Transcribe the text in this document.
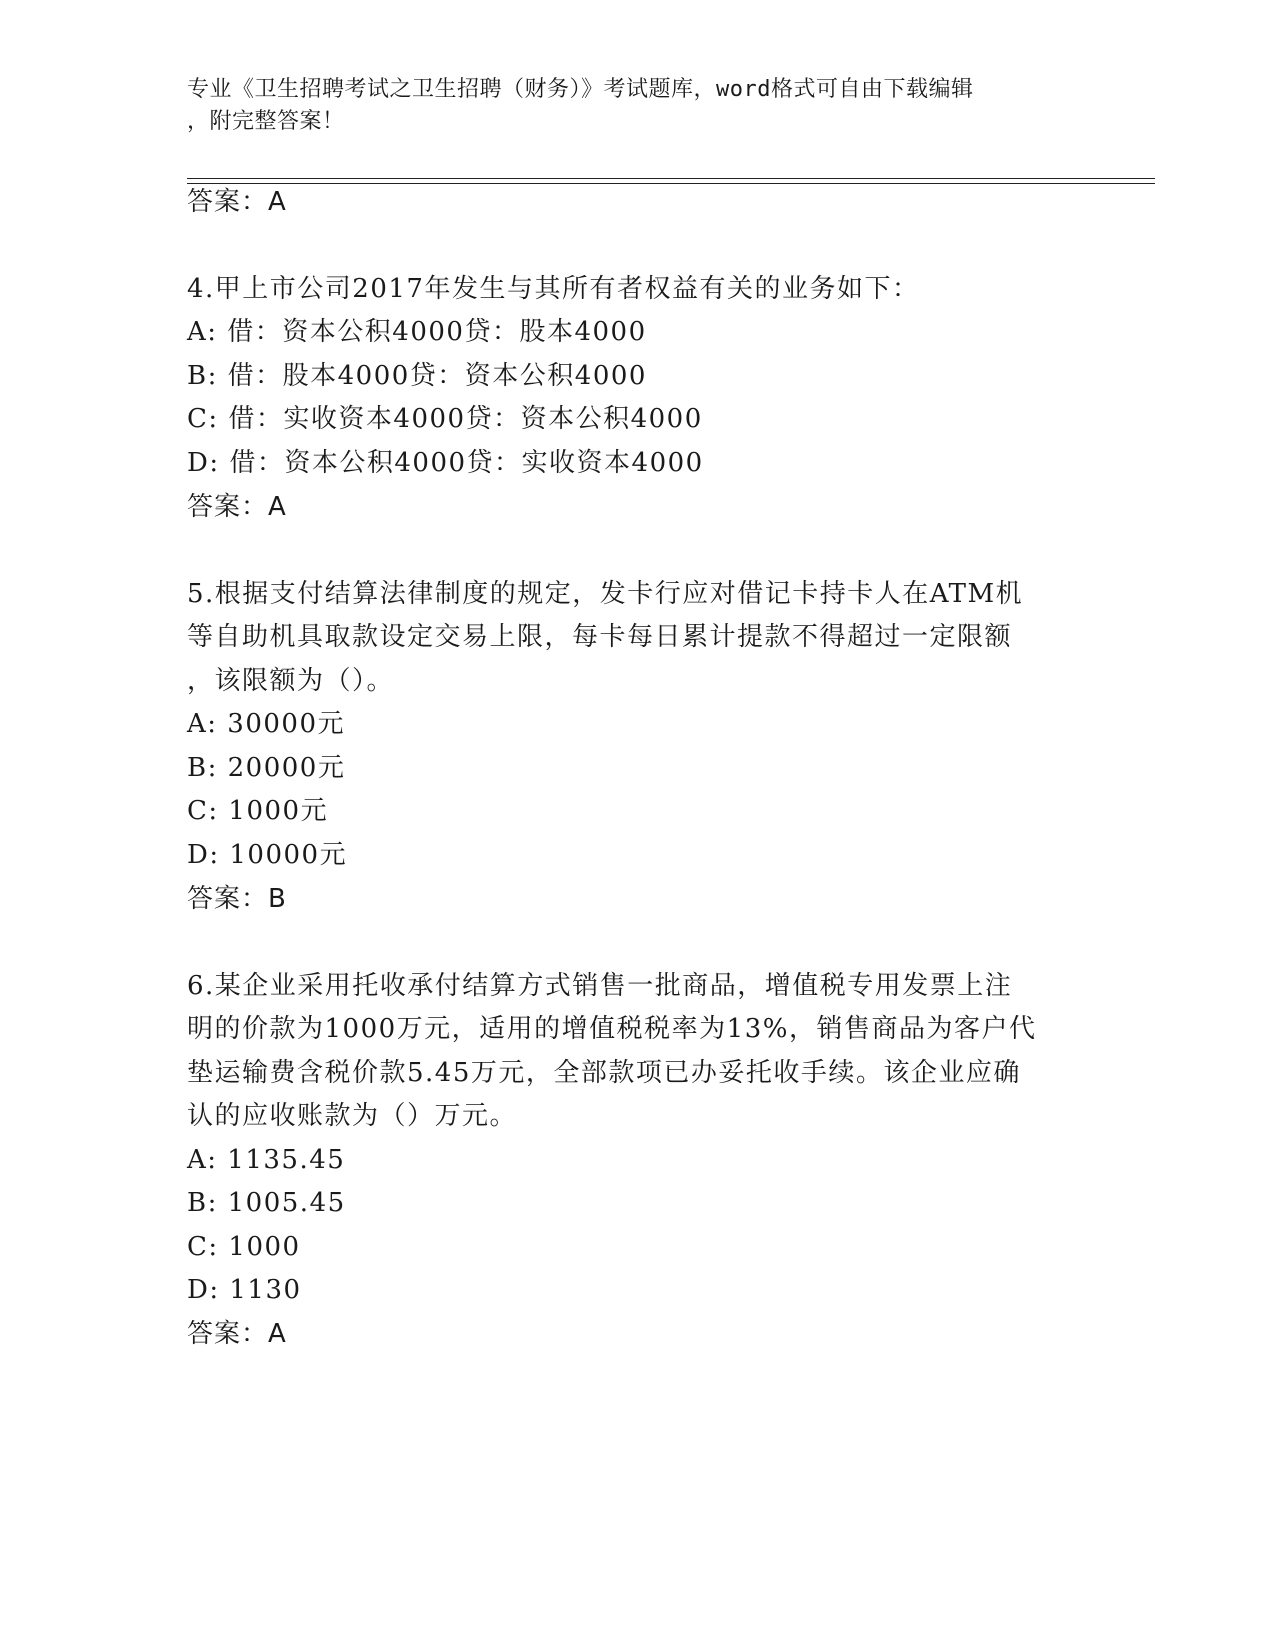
专业《卫生招聘考试之卫生招聘（财务）》考试题库，word格式可自由下载编辑
，附完整答案！
答案：A
4.甲上市公司2017年发生与其所有者权益有关的业务如下：
A: 借：资本公积4000贷：股本4000
B: 借：股本4000贷：资本公积4000
C: 借：实收资本4000贷：资本公积4000
D: 借：资本公积4000贷：实收资本4000
答案：A
5.根据支付结算法律制度的规定，发卡行应对借记卡持卡人在ATM机
等自助机具取款设定交易上限，每卡每日累计提款不得超过一定限额
，该限额为（）。
A: 30000元
B: 20000元
C: 1000元
D: 10000元
答案：B
6.某企业采用托收承付结算方式销售一批商品，增值税专用发票上注
明的价款为1000万元，适用的增值税税率为13%，销售商品为客户代
垫运输费含税价款5.45万元，全部款项已办妥托收手续。该企业应确
认的应收账款为（）万元。
A: 1135.45
B: 1005.45
C: 1000
D: 1130
答案：A
